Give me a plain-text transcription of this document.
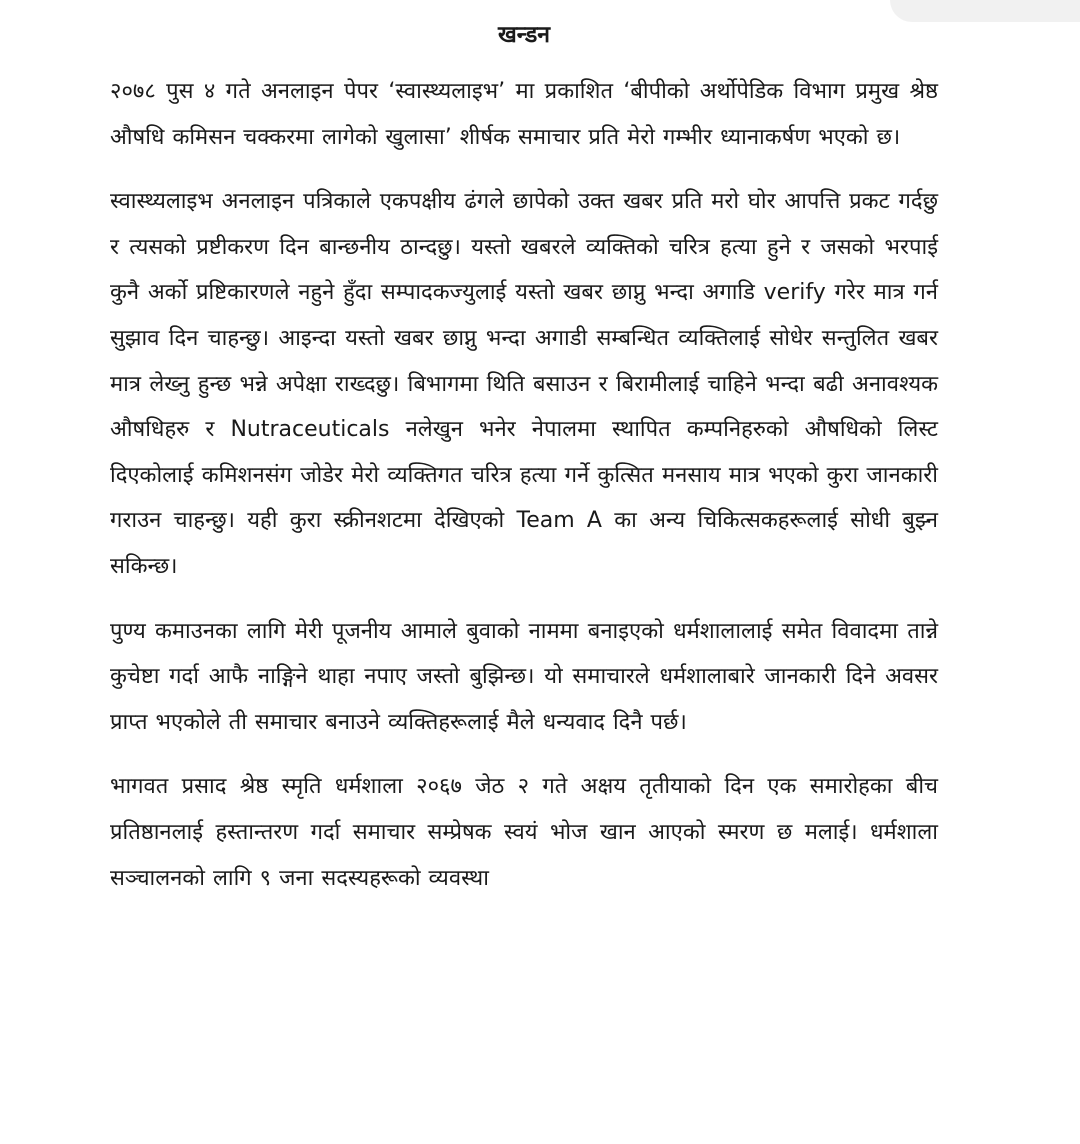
खन्डन

२०७८ पुस ४ गते अनलाइन पेपर ‘स्वास्थ्यलाइभ’ मा प्रकाशित ‘बीपीको अर्थोपेडिक विभाग प्रमुख श्रेष्ठ औषधि कमिसन चक्करमा लागेको खुलासा’ शीर्षक समाचार प्रति मेरो गम्भीर ध्यानाकर्षण भएको छ।

स्वास्थ्यलाइभ अनलाइन पत्रिकाले एकपक्षीय ढंगले छापेको उक्त खबर प्रति मरो घोर आपत्ति प्रकट गर्दछु र त्यसको प्रष्टीकरण दिन बान्छनीय ठान्दछु। यस्तो खबरले व्यक्तिको चरित्र हत्या हुने र जसको भरपाई कुनै अर्को प्रष्टिकारणले नहुने हुँदा सम्पादकज्युलाई यस्तो खबर छाप्नु भन्दा अगाडि verify गरेर मात्र गर्न सुझाव दिन चाहन्छु। आइन्दा यस्तो खबर छाप्नु भन्दा अगाडी सम्बन्धित व्यक्तिलाई सोधेर सन्तुलित खबर मात्र लेख्नु हुन्छ भन्ने अपेक्षा राख्दछु। बिभागमा थिति बसाउन र बिरामीलाई चाहिने भन्दा बढी अनावश्यक औषधिहरु र Nutraceuticals नलेखुन भनेर नेपालमा स्थापित कम्पनिहरुको औषधिको लिस्ट दिएकोलाई कमिशनसंग जोडेर मेरो व्यक्तिगत चरित्र हत्या गर्ने कुत्सित मनसाय मात्र भएको कुरा जानकारी गराउन चाहन्छु। यही कुरा स्क्रीनशटमा देखिएको Team A का अन्य चिकित्सकहरूलाई सोधी बुझ्न सकिन्छ।

पुण्य कमाउनका लागि मेरी पूजनीय आमाले बुवाको नाममा बनाइएको धर्मशालालाई समेत विवादमा तान्ने कुचेष्टा गर्दा आफै नाङ्गिने थाहा नपाए जस्तो बुझिन्छ। यो समाचारले धर्मशालाबारे जानकारी दिने अवसर प्राप्त भएकोले ती समाचार बनाउने व्यक्तिहरूलाई मैले धन्यवाद दिनै पर्छ।

भागवत प्रसाद श्रेष्ठ स्मृति धर्मशाला २०६७ जेठ २ गते अक्षय तृतीयाको दिन एक समारोहका बीच प्रतिष्ठानलाई हस्तान्तरण गर्दा समाचार सम्प्रेषक स्वयं भोज खान आएको स्मरण छ मलाई। धर्मशाला सञ्चालनको लागि ९ जना सदस्यहरूको व्यवस्था
